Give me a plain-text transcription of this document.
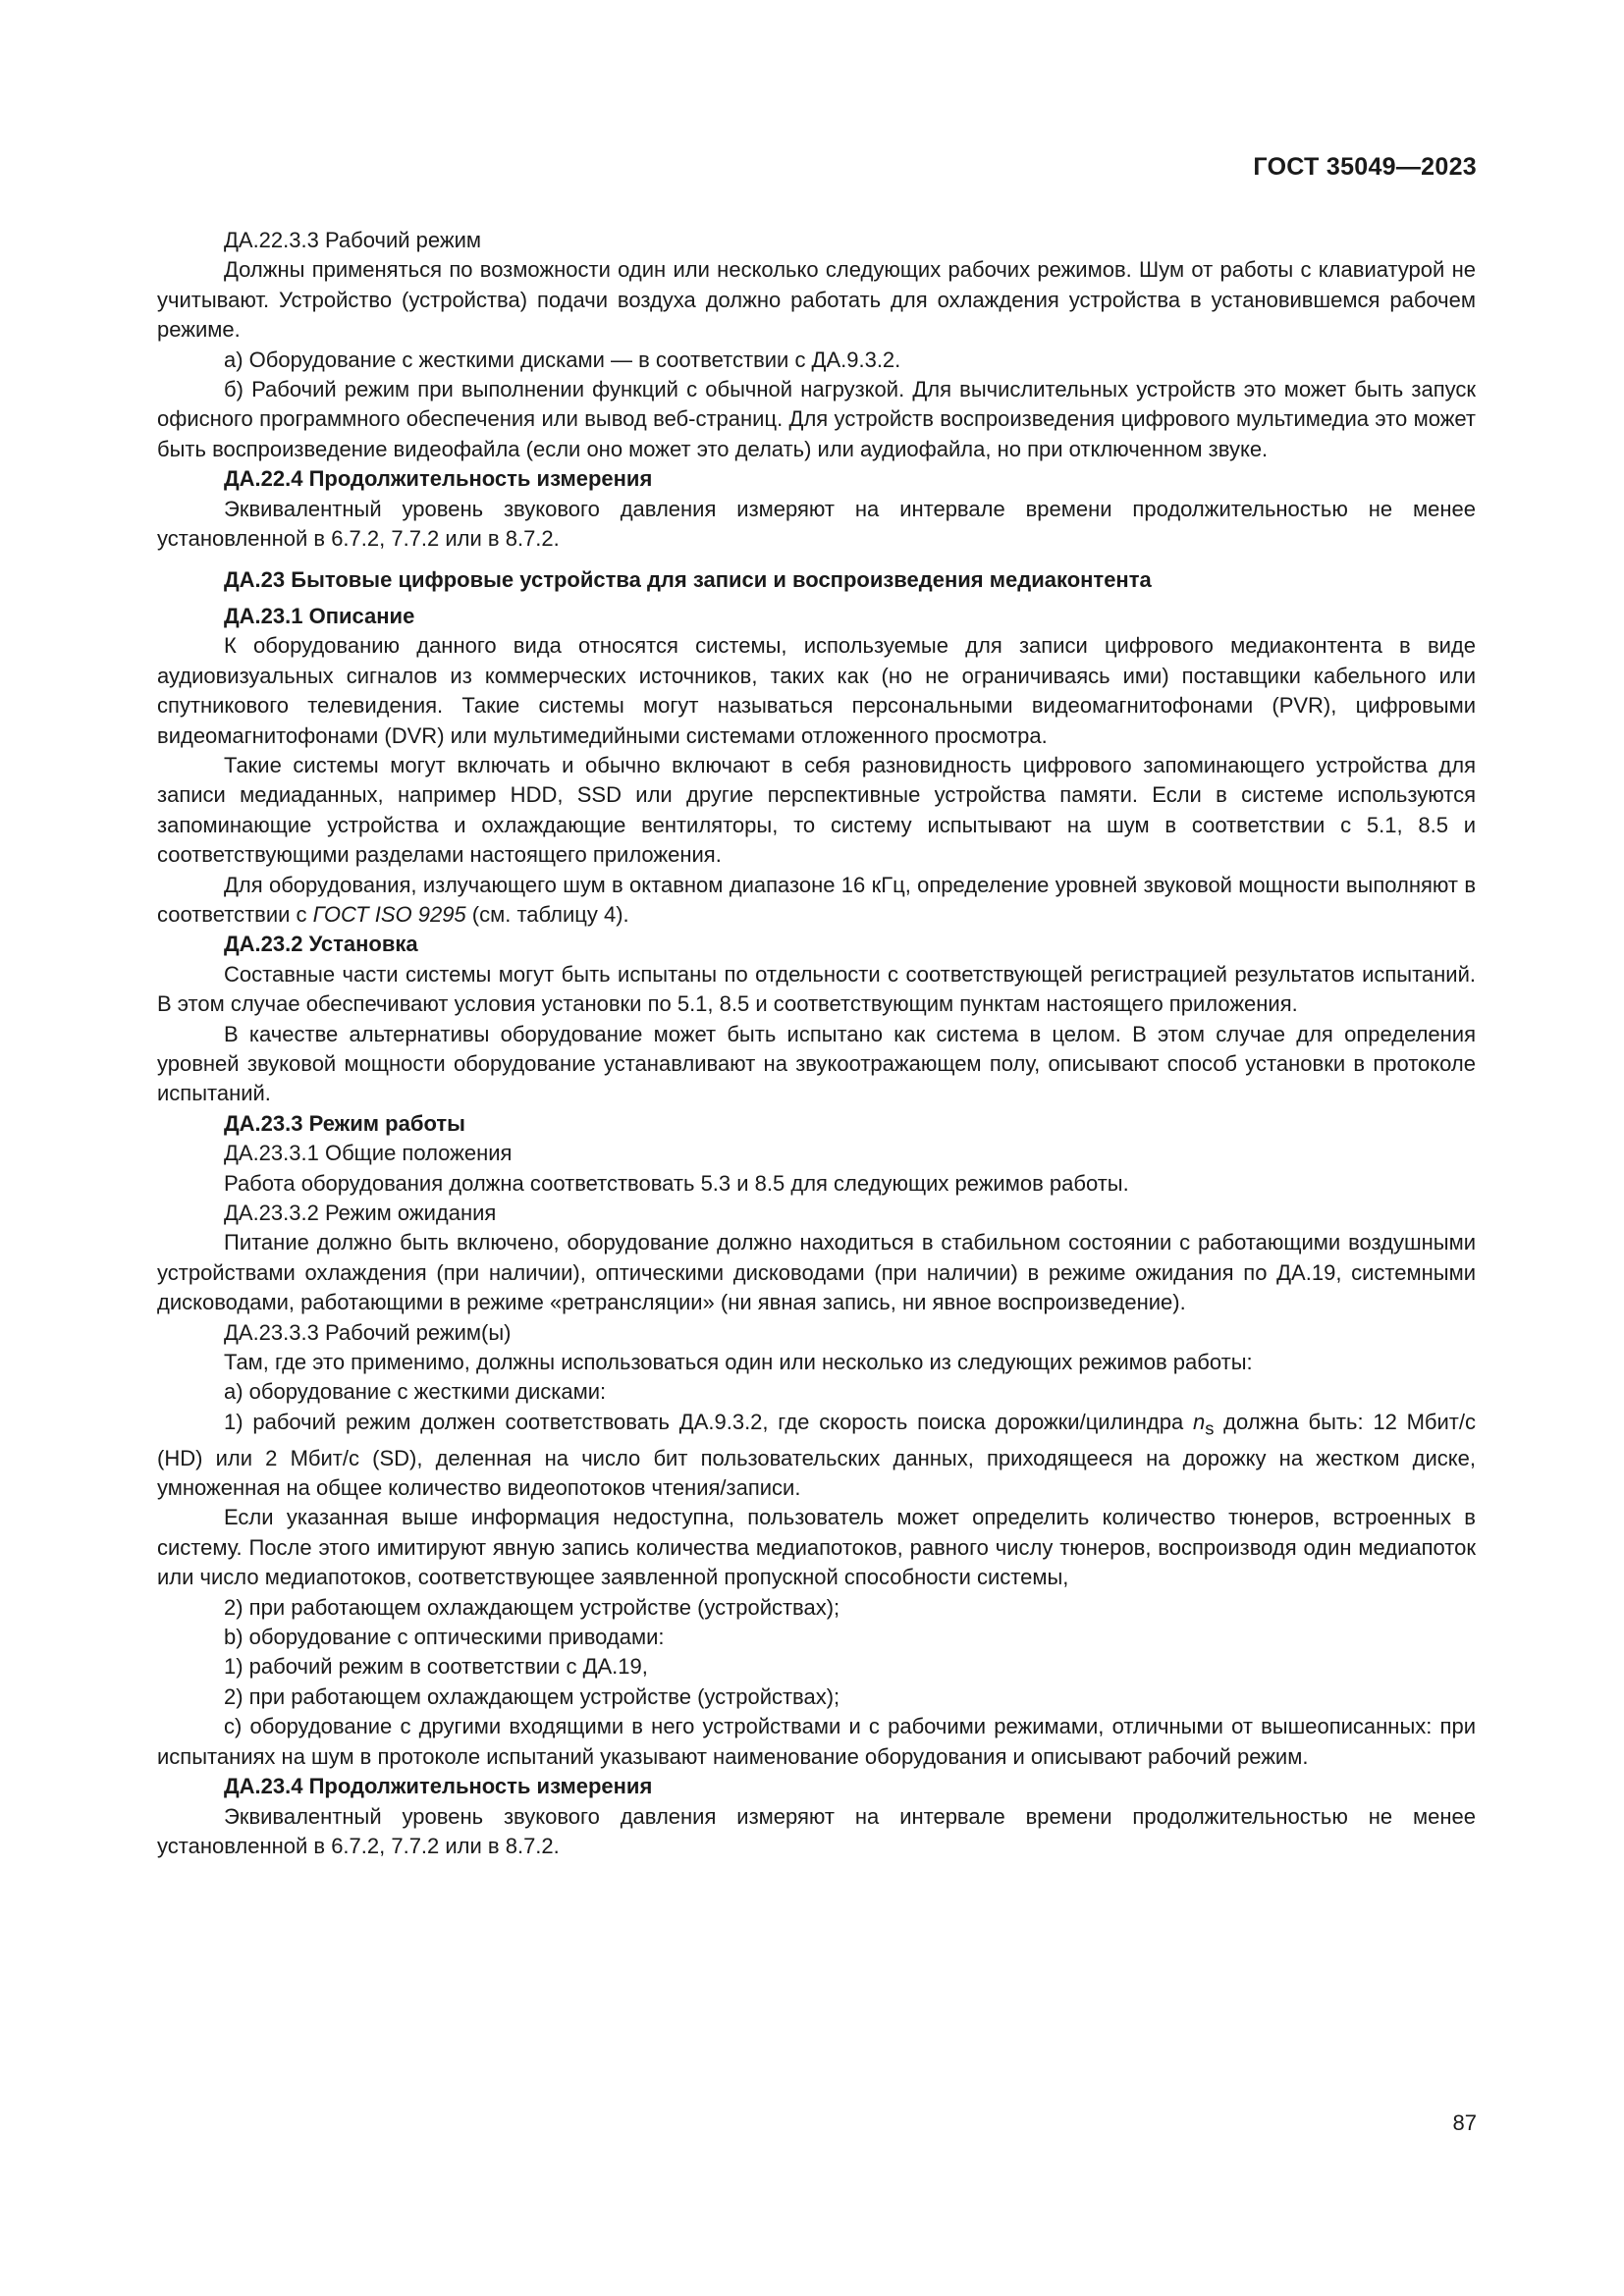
ГОСТ 35049—2023

ДА.22.3.3 Рабочий режим

Должны применяться по возможности один или несколько следующих рабочих режимов. Шум от работы с клавиатурой не учитывают. Устройство (устройства) подачи воздуха должно работать для охлаждения устройства в установившемся рабочем режиме.

а) Оборудование с жесткими дисками — в соответствии с ДА.9.3.2.

б) Рабочий режим при выполнении функций с обычной нагрузкой. Для вычислительных устройств это может быть запуск офисного программного обеспечения или вывод веб-страниц. Для устройств воспроизведения цифрового мультимедиа это может быть воспроизведение видеофайла (если оно может это делать) или аудиофайла, но при отключенном звуке.

ДА.22.4 Продолжительность измерения

Эквивалентный уровень звукового давления измеряют на интервале времени продолжительностью не менее установленной в 6.7.2, 7.7.2 или в 8.7.2.

ДА.23 Бытовые цифровые устройства для записи и воспроизведения медиаконтента

ДА.23.1 Описание

К оборудованию данного вида относятся системы, используемые для записи цифрового медиаконтента в виде аудиовизуальных сигналов из коммерческих источников, таких как (но не ограничиваясь ими) поставщики кабельного или спутникового телевидения. Такие системы могут называться персональными видеомагнитофонами (PVR), цифровыми видеомагнитофонами (DVR) или мультимедийными системами отложенного просмотра.

Такие системы могут включать и обычно включают в себя разновидность цифрового запоминающего устройства для записи медиаданных, например HDD, SSD или другие перспективные устройства памяти. Если в системе используются запоминающие устройства и охлаждающие вентиляторы, то систему испытывают на шум в соответствии с 5.1, 8.5 и соответствующими разделами настоящего приложения.

Для оборудования, излучающего шум в октавном диапазоне 16 кГц, определение уровней звуковой мощности выполняют в соответствии с ГОСТ ISO 9295 (см. таблицу 4).

ДА.23.2 Установка

Составные части системы могут быть испытаны по отдельности с соответствующей регистрацией результатов испытаний. В этом случае обеспечивают условия установки по 5.1, 8.5 и соответствующим пунктам настоящего приложения.

В качестве альтернативы оборудование может быть испытано как система в целом. В этом случае для определения уровней звуковой мощности оборудование устанавливают на звукоотражающем полу, описывают способ установки в протоколе испытаний.

ДА.23.3 Режим работы

ДА.23.3.1 Общие положения

Работа оборудования должна соответствовать 5.3 и 8.5 для следующих режимов работы.

ДА.23.3.2 Режим ожидания

Питание должно быть включено, оборудование должно находиться в стабильном состоянии с работающими воздушными устройствами охлаждения (при наличии), оптическими дисководами (при наличии) в режиме ожидания по ДА.19, системными дисководами, работающими в режиме «ретрансляции» (ни явная запись, ни явное воспроизведение).

ДА.23.3.3 Рабочий режим(ы)

Там, где это применимо, должны использоваться один или несколько из следующих режимов работы:

а) оборудование с жесткими дисками:

1) рабочий режим должен соответствовать ДА.9.3.2, где скорость поиска дорожки/цилиндра $n_s$ должна быть: 12 Мбит/с (HD) или 2 Мбит/с (SD), деленная на число бит пользовательских данных, приходящееся на дорожку на жестком диске, умноженная на общее количество видеопотоков чтения/записи.

Если указанная выше информация недоступна, пользователь может определить количество тюнеров, встроенных в систему. После этого имитируют явную запись количества медиапотоков, равного числу тюнеров, воспроизводя один медиапоток или число медиапотоков, соответствующее заявленной пропускной способности системы,

2) при работающем охлаждающем устройстве (устройствах);

b) оборудование с оптическими приводами:

1) рабочий режим в соответствии с ДА.19,

2) при работающем охлаждающем устройстве (устройствах);

с) оборудование с другими входящими в него устройствами и с рабочими режимами, отличными от вышеописанных: при испытаниях на шум в протоколе испытаний указывают наименование оборудования и описывают рабочий режим.

ДА.23.4 Продолжительность измерения

Эквивалентный уровень звукового давления измеряют на интервале времени продолжительностью не менее установленной в 6.7.2, 7.7.2 или в 8.7.2.

87
